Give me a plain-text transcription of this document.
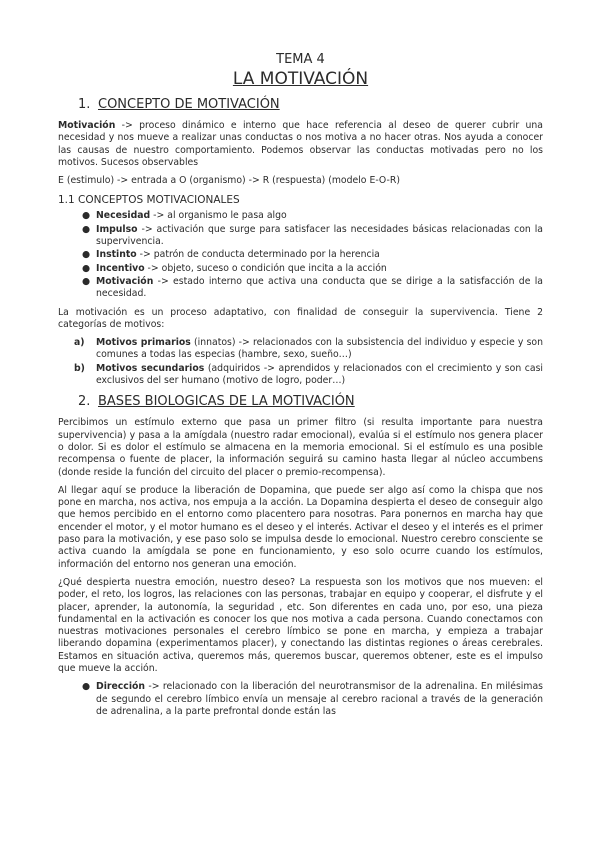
TEMA 4

LA MOTIVACIÓN

1. CONCEPTO DE MOTIVACIÓN

Motivación -> proceso dinámico e interno que hace referencia al deseo de querer cubrir una necesidad y nos mueve a realizar unas conductas o nos motiva a no hacer otras. Nos ayuda a conocer las causas de nuestro comportamiento. Podemos observar las conductas motivadas pero no los motivos. Sucesos observables

E (estimulo) -> entrada a O (organismo) -> R (respuesta) (modelo E-O-R)

1.1 CONCEPTOS MOTIVACIONALES
● Necesidad -> al organismo le pasa algo
● Impulso -> activación que surge para satisfacer las necesidades básicas relacionadas con la supervivencia.
● Instinto -> patrón de conducta determinado por la herencia
● Incentivo -> objeto, suceso o condición que incita a la acción
● Motivación -> estado interno que activa una conducta que se dirige a la satisfacción de la necesidad.

La motivación es un proceso adaptativo, con finalidad de conseguir la supervivencia. Tiene 2 categorías de motivos:

a) Motivos primarios (innatos) -> relacionados con la subsistencia del individuo y especie y son comunes a todas las especias (hambre, sexo, sueño…)
b) Motivos secundarios (adquiridos -> aprendidos y relacionados con el crecimiento y son casi exclusivos del ser humano (motivo de logro, poder…)
2. BASES BIOLOGICAS DE LA MOTIVACIÓN

Percibimos un estímulo externo que pasa un primer filtro (si resulta importante para nuestra supervivencia) y pasa a la amígdala (nuestro radar emocional), evalúa si el estímulo nos genera placer o dolor. Si es dolor el estímulo se almacena en la memoria emocional. Si el estímulo es una posible recompensa o fuente de placer, la información seguirá su camino hasta llegar al núcleo accumbens (donde reside la función del circuito del placer o premio-recompensa).

Al llegar aquí se produce la liberación de Dopamina, que puede ser algo así como la chispa que nos pone en marcha, nos activa, nos empuja a la acción. La Dopamina despierta el deseo de conseguir algo que hemos percibido en el entorno como placentero para nosotras. Para ponernos en marcha hay que encender el motor, y el motor humano es el deseo y el interés. Activar el deseo y el interés es el primer paso para la motivación, y ese paso solo se impulsa desde lo emocional. Nuestro cerebro consciente se activa cuando la amígdala se pone en funcionamiento, y eso solo ocurre cuando los estímulos, información del entorno nos generan una emoción.

¿Qué despierta nuestra emoción, nuestro deseo? La respuesta son los motivos que nos mueven: el poder, el reto, los logros, las relaciones con las personas, trabajar en equipo y cooperar, el disfrute y el placer, aprender, la autonomía, la seguridad , etc. Son diferentes en cada uno, por eso, una pieza fundamental en la activación es conocer los que nos motiva a cada persona. Cuando conectamos con nuestras motivaciones personales el cerebro límbico se pone en marcha, y empieza a trabajar liberando dopamina (experimentamos placer), y conectando las distintas regiones o áreas cerebrales. Estamos en situación activa, queremos más, queremos buscar, queremos obtener, este es el impulso que mueve la acción.

● Dirección -> relacionado con la liberación del neurotransmisor de la adrenalina. En milésimas de segundo el cerebro límbico envía un mensaje al cerebro racional a través de la generación de adrenalina, a la parte prefrontal donde están las
